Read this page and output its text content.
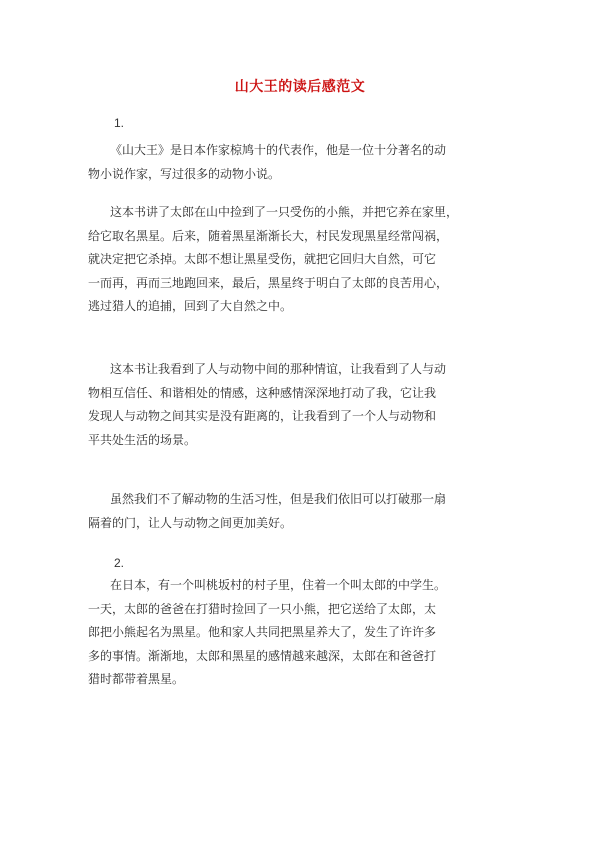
山大王的读后感范文
1.
《山大王》是日本作家椋鸠十的代表作，他是一位十分著名的动
物小说作家，写过很多的动物小说。
这本书讲了太郎在山中捡到了一只受伤的小熊，并把它养在家里，
给它取名黑星。后来，随着黑星渐渐长大，村民发现黑星经常闯祸，
就决定把它杀掉。太郎不想让黑星受伤，就把它回归大自然，可它
一而再，再而三地跑回来，最后，黑星终于明白了太郎的良苦用心，
逃过猎人的追捕，回到了大自然之中。
这本书让我看到了人与动物中间的那种情谊，让我看到了人与动
物相互信任、和谐相处的情感，这种感情深深地打动了我，它让我
发现人与动物之间其实是没有距离的，让我看到了一个人与动物和
平共处生活的场景。
虽然我们不了解动物的生活习性，但是我们依旧可以打破那一扇
隔着的门，让人与动物之间更加美好。
2.
在日本，有一个叫桃坂村的村子里，住着一个叫太郎的中学生。
一天，太郎的爸爸在打猎时捡回了一只小熊，把它送给了太郎，太
郎把小熊起名为黑星。他和家人共同把黑星养大了，发生了许许多
多的事情。渐渐地，太郎和黑星的感情越来越深，太郎在和爸爸打
猎时都带着黑星。
